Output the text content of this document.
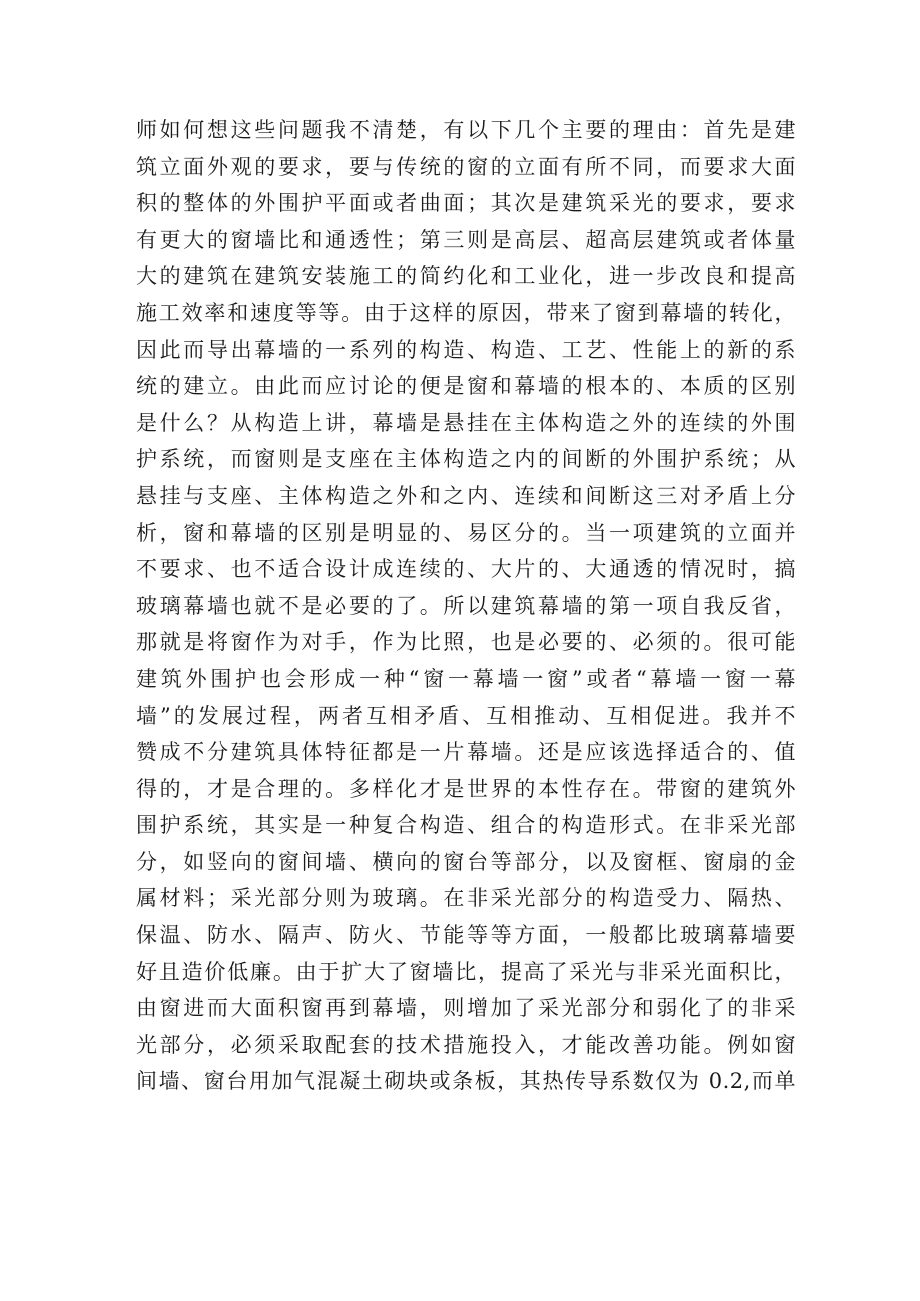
师如何想这些问题我不清楚，有以下几个主要的理由：首先是建
筑立面外观的要求，要与传统的窗的立面有所不同，而要求大面
积的整体的外围护平面或者曲面；其次是建筑采光的要求，要求
有更大的窗墙比和通透性；第三则是高层、超高层建筑或者体量
大的建筑在建筑安装施工的简约化和工业化，进一步改良和提高
施工效率和速度等等。由于这样的原因，带来了窗到幕墙的转化，
因此而导出幕墙的一系列的构造、构造、工艺、性能上的新的系
统的建立。由此而应讨论的便是窗和幕墙的根本的、本质的区别
是什么？从构造上讲，幕墙是悬挂在主体构造之外的连续的外围
护系统，而窗则是支座在主体构造之内的间断的外围护系统；从
悬挂与支座、主体构造之外和之内、连续和间断这三对矛盾上分
析，窗和幕墙的区别是明显的、易区分的。当一项建筑的立面并
不要求、也不适合设计成连续的、大片的、大通透的情况时，搞
玻璃幕墙也就不是必要的了。所以建筑幕墙的第一项自我反省，
那就是将窗作为对手，作为比照，也是必要的、必须的。很可能
建筑外围护也会形成一种“窗一幕墙一窗”或者“幕墙一窗一幕
墙”的发展过程，两者互相矛盾、互相推动、互相促进。我并不
赞成不分建筑具体特征都是一片幕墙。还是应该选择适合的、值
得的，才是合理的。多样化才是世界的本性存在。带窗的建筑外
围护系统，其实是一种复合构造、组合的构造形式。在非采光部
分，如竖向的窗间墙、横向的窗台等部分，以及窗框、窗扇的金
属材料；采光部分则为玻璃。在非采光部分的构造受力、隔热、
保温、防水、隔声、防火、节能等等方面，一般都比玻璃幕墙要
好且造价低廉。由于扩大了窗墙比，提高了采光与非采光面积比，
由窗进而大面积窗再到幕墙，则增加了采光部分和弱化了的非采
光部分，必须采取配套的技术措施投入，才能改善功能。例如窗
间墙、窗台用加气混凝土砌块或条板，其热传导系数仅为 0.2,而单
